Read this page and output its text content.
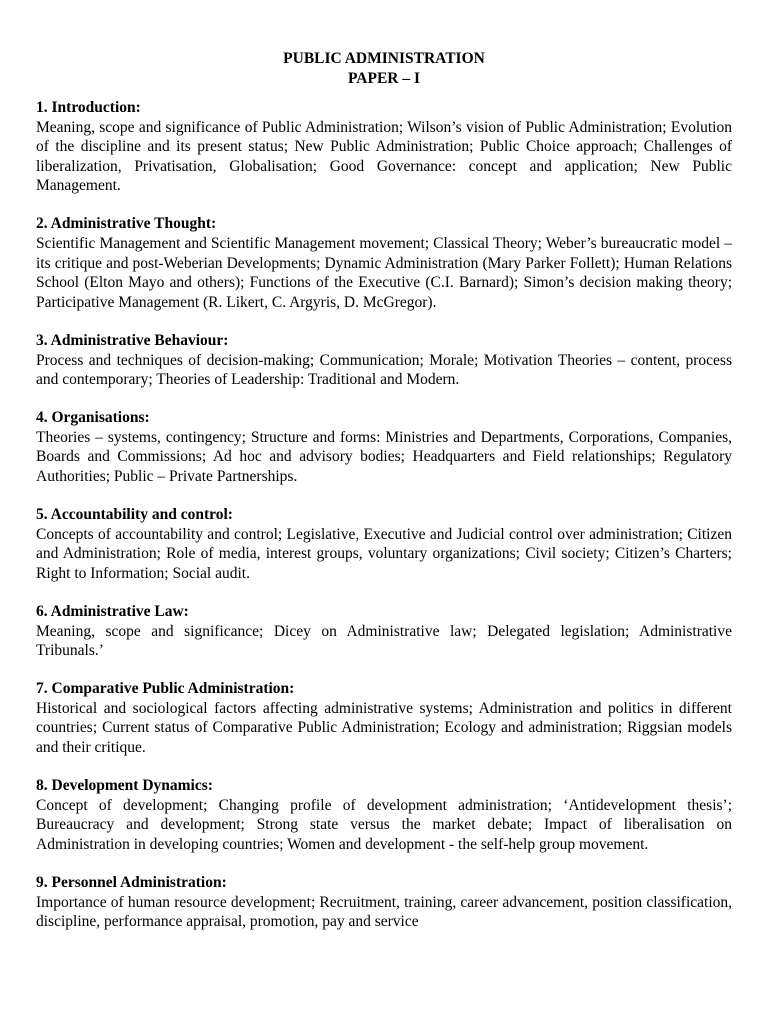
PUBLIC ADMINISTRATION
PAPER – I
1. Introduction:
Meaning, scope and significance of Public Administration; Wilson’s vision of Public Administration; Evolution of the discipline and its present status; New Public Administration; Public Choice approach; Challenges of liberalization, Privatisation, Globalisation; Good Governance: concept and application; New Public Management.
2. Administrative Thought:
Scientific Management and Scientific Management movement; Classical Theory; Weber’s bureaucratic model – its critique and post-Weberian Developments; Dynamic Administration (Mary Parker Follett); Human Relations School (Elton Mayo and others); Functions of the Executive (C.I. Barnard); Simon’s decision making theory; Participative Management (R. Likert, C. Argyris, D. McGregor).
3. Administrative Behaviour:
Process and techniques of decision-making; Communication; Morale; Motivation Theories – content, process and contemporary; Theories of Leadership: Traditional and Modern.
4. Organisations:
Theories – systems, contingency; Structure and forms: Ministries and Departments, Corporations, Companies, Boards and Commissions; Ad hoc and advisory bodies; Headquarters and Field relationships; Regulatory Authorities; Public – Private Partnerships.
5. Accountability and control:
Concepts of accountability and control; Legislative, Executive and Judicial control over administration; Citizen and Administration; Role of media, interest groups, voluntary organizations; Civil society; Citizen’s Charters; Right to Information; Social audit.
6. Administrative Law:
Meaning, scope and significance; Dicey on Administrative law; Delegated legislation; Administrative Tribunals.’
7. Comparative Public Administration:
Historical and sociological factors affecting administrative systems; Administration and politics in different countries; Current status of Comparative Public Administration; Ecology and administration; Riggsian models and their critique.
8. Development Dynamics:
Concept of development; Changing profile of development administration; ‘Antidevelopment thesis’; Bureaucracy and development; Strong state versus the market debate; Impact of liberalisation on Administration in developing countries; Women and development - the self-help group movement.
9. Personnel Administration:
Importance of human resource development; Recruitment, training, career advancement, position classification, discipline, performance appraisal, promotion, pay and service
